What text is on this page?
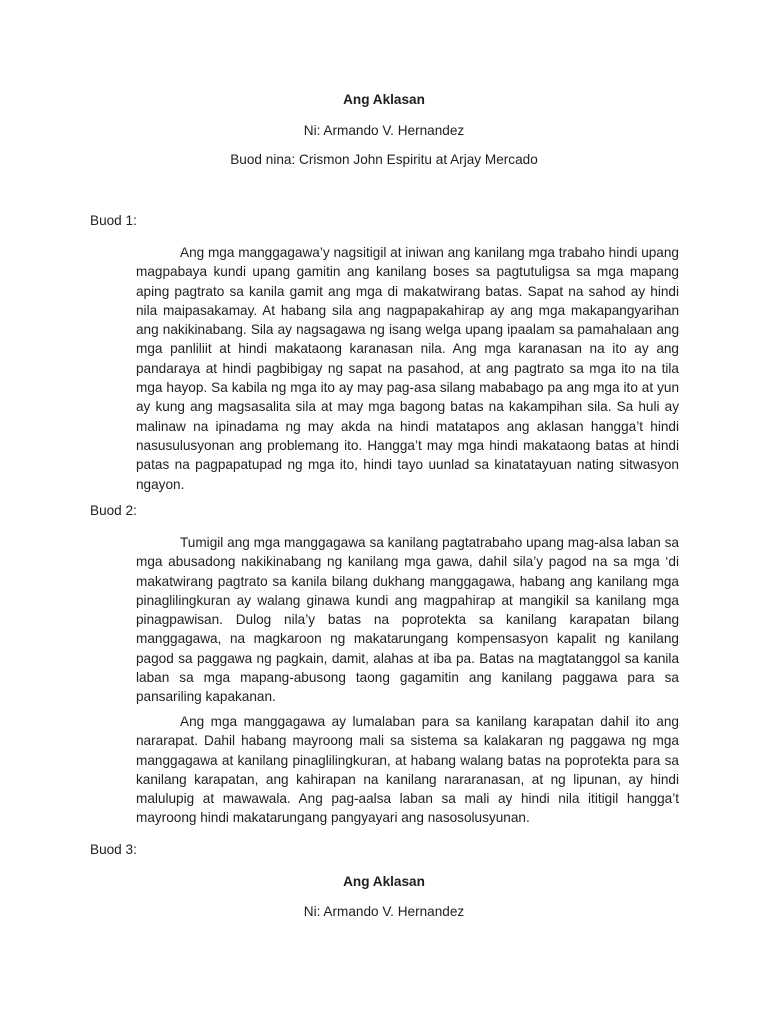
Ang Aklasan
Ni: Armando V. Hernandez
Buod nina: Crismon John Espiritu at Arjay Mercado
Buod 1:

Ang mga manggagawa’y nagsitigil at iniwan ang kanilang mga trabaho hindi upang magpabaya kundi upang gamitin ang kanilang boses sa pagtutuligsa sa mga mapang aping pagtrato sa kanila gamit ang mga di makatwirang batas. Sapat na sahod ay hindi nila maipasakamay. At habang sila ang nagpapakahirap ay ang mga makapangyarihan ang nakikinabang. Sila ay nagsagawa ng isang welga upang ipaalam sa pamahalaan ang mga panliliit at hindi makataong karanasan nila. Ang mga karanasan na ito ay ang pandaraya at hindi pagbibigay ng sapat na pasahod, at ang pagtrato sa mga ito na tila mga hayop. Sa kabila ng mga ito ay may pag-asa silang mababago pa ang mga ito at yun ay kung ang magsasalita sila at may mga bagong batas na kakampihan sila. Sa huli ay malinaw na ipinadama ng may akda na hindi matatapos ang aklasan hangga’t hindi nasusulusyonan ang problemang ito. Hangga’t may mga hindi makataong batas at hindi patas na pagpapatupad ng mga ito, hindi tayo uunlad sa kinatatayuan nating sitwasyon ngayon.

Buod 2:

Tumigil ang mga manggagawa sa kanilang pagtatrabaho upang mag-alsa laban sa mga abusadong nakikinabang ng kanilang mga gawa, dahil sila’y pagod na sa mga ‘di makatwirang pagtrato sa kanila bilang dukhang manggagawa, habang ang kanilang mga pinaglilingkuran ay walang ginawa kundi ang magpahirap at mangikil sa kanilang mga pinagpawisan. Dulog nila’y batas na poprotekta sa kanilang karapatan bilang manggagawa, na magkaroon ng makatarungang kompensasyon kapalit ng kanilang pagod sa paggawa ng pagkain, damit, alahas at iba pa. Batas na magtatanggol sa kanila laban sa mga mapang-abusong taong gagamitin ang kanilang paggawa para sa pansariling kapakanan.

Ang mga manggagawa ay lumalaban para sa kanilang karapatan dahil ito ang nararapat. Dahil habang mayroong mali sa sistema sa kalakaran ng paggawa ng mga manggagawa at kanilang pinaglilingkuran, at habang walang batas na poprotekta para sa kanilang karapatan, ang kahirapan na kanilang nararanasan, at ng lipunan, ay hindi malulupig at mawawala. Ang pag-aalsa laban sa mali ay hindi nila ititigil hangga’t mayroong hindi makatarungang pangyayari ang nasosolusyunan.

Buod 3:
Ang Aklasan
Ni: Armando V. Hernandez
